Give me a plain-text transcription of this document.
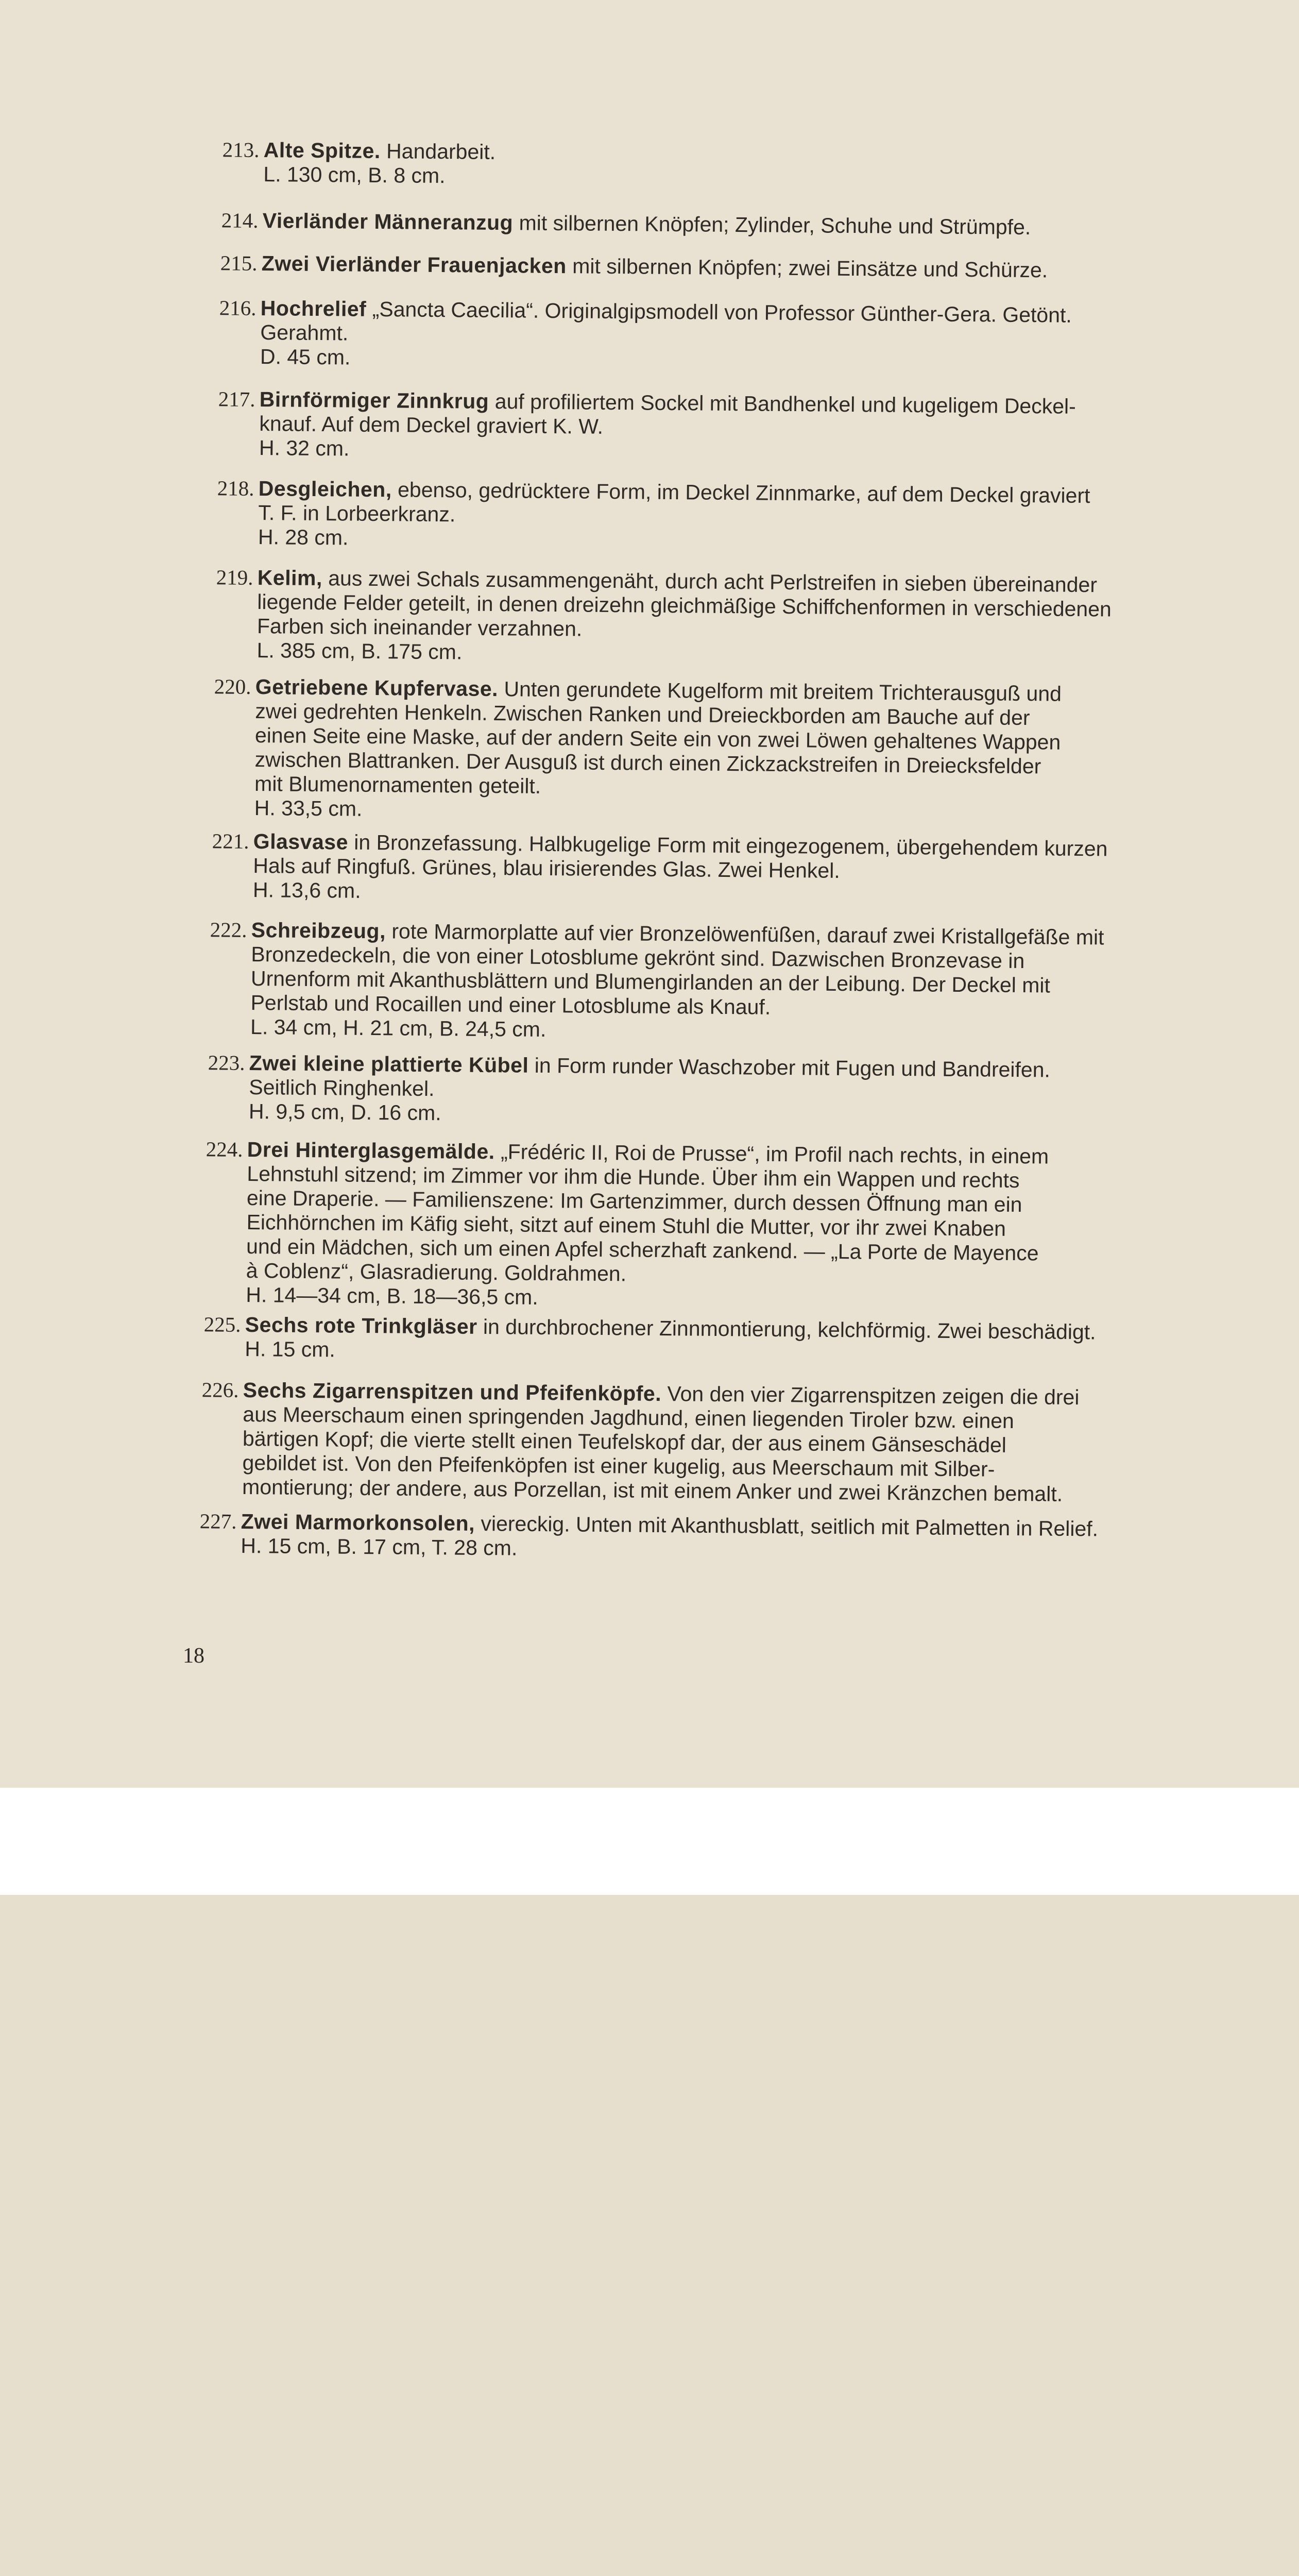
213. Alte Spitze. Handarbeit.
L. 130 cm, B. 8 cm.
214. Vierländer Männeranzug mit silbernen Knöpfen; Zylinder, Schuhe und Strümpfe.
215. Zwei Vierländer Frauenjacken mit silbernen Knöpfen; zwei Einsätze und Schürze.
216. Hochrelief „Sancta Caecilia“. Originalgipsmodell von Professor Günther-Gera. Getönt.
Gerahmt.
D. 45 cm.
217. Birnförmiger Zinnkrug auf profiliertem Sockel mit Bandhenkel und kugeligem Deckel-
knauf. Auf dem Deckel graviert K. W.
H. 32 cm.
218. Desgleichen, ebenso, gedrücktere Form, im Deckel Zinnmarke, auf dem Deckel graviert
T. F. in Lorbeerkranz.
H. 28 cm.
219. Kelim, aus zwei Schals zusammengenäht, durch acht Perlstreifen in sieben übereinander
liegende Felder geteilt, in denen dreizehn gleichmäßige Schiffchenformen in verschiedenen
Farben sich ineinander verzahnen.
L. 385 cm, B. 175 cm.
220. Getriebene Kupfervase. Unten gerundete Kugelform mit breitem Trichterausguß und
zwei gedrehten Henkeln. Zwischen Ranken und Dreieckborden am Bauche auf der
einen Seite eine Maske, auf der andern Seite ein von zwei Löwen gehaltenes Wappen
zwischen Blattranken. Der Ausguß ist durch einen Zickzackstreifen in Dreiecksfelder
mit Blumenornamenten geteilt.
H. 33,5 cm.
221. Glasvase in Bronzefassung. Halbkugelige Form mit eingezogenem, übergehendem kurzen
Hals auf Ringfuß. Grünes, blau irisierendes Glas. Zwei Henkel.
H. 13,6 cm.
222. Schreibzeug, rote Marmorplatte auf vier Bronzelöwenfüßen, darauf zwei Kristallgefäße mit
Bronzedeckeln, die von einer Lotosblume gekrönt sind. Dazwischen Bronzevase in
Urnenform mit Akanthusblättern und Blumengirlanden an der Leibung. Der Deckel mit
Perlstab und Rocaillen und einer Lotosblume als Knauf.
L. 34 cm, H. 21 cm, B. 24,5 cm.
223. Zwei kleine plattierte Kübel in Form runder Waschzober mit Fugen und Bandreifen.
Seitlich Ringhenkel.
H. 9,5 cm, D. 16 cm.
224. Drei Hinterglasgemälde. „Frédéric II, Roi de Prusse“, im Profil nach rechts, in einem
Lehnstuhl sitzend; im Zimmer vor ihm die Hunde. Über ihm ein Wappen und rechts
eine Draperie. — Familienszene: Im Gartenzimmer, durch dessen Öffnung man ein
Eichhörnchen im Käfig sieht, sitzt auf einem Stuhl die Mutter, vor ihr zwei Knaben
und ein Mädchen, sich um einen Apfel scherzhaft zankend. — „La Porte de Mayence
à Coblenz“, Glasradierung. Goldrahmen.
H. 14—34 cm, B. 18—36,5 cm.
225. Sechs rote Trinkgläser in durchbrochener Zinnmontierung, kelchförmig. Zwei beschädigt.
H. 15 cm.
226. Sechs Zigarrenspitzen und Pfeifenköpfe. Von den vier Zigarrenspitzen zeigen die drei
aus Meerschaum einen springenden Jagdhund, einen liegenden Tiroler bzw. einen
bärtigen Kopf; die vierte stellt einen Teufelskopf dar, der aus einem Gänseschädel
gebildet ist. Von den Pfeifenköpfen ist einer kugelig, aus Meerschaum mit Silber-
montierung; der andere, aus Porzellan, ist mit einem Anker und zwei Kränzchen bemalt.
227. Zwei Marmorkonsolen, viereckig. Unten mit Akanthusblatt, seitlich mit Palmetten in Relief.
H. 15 cm, B. 17 cm, T. 28 cm.
18
